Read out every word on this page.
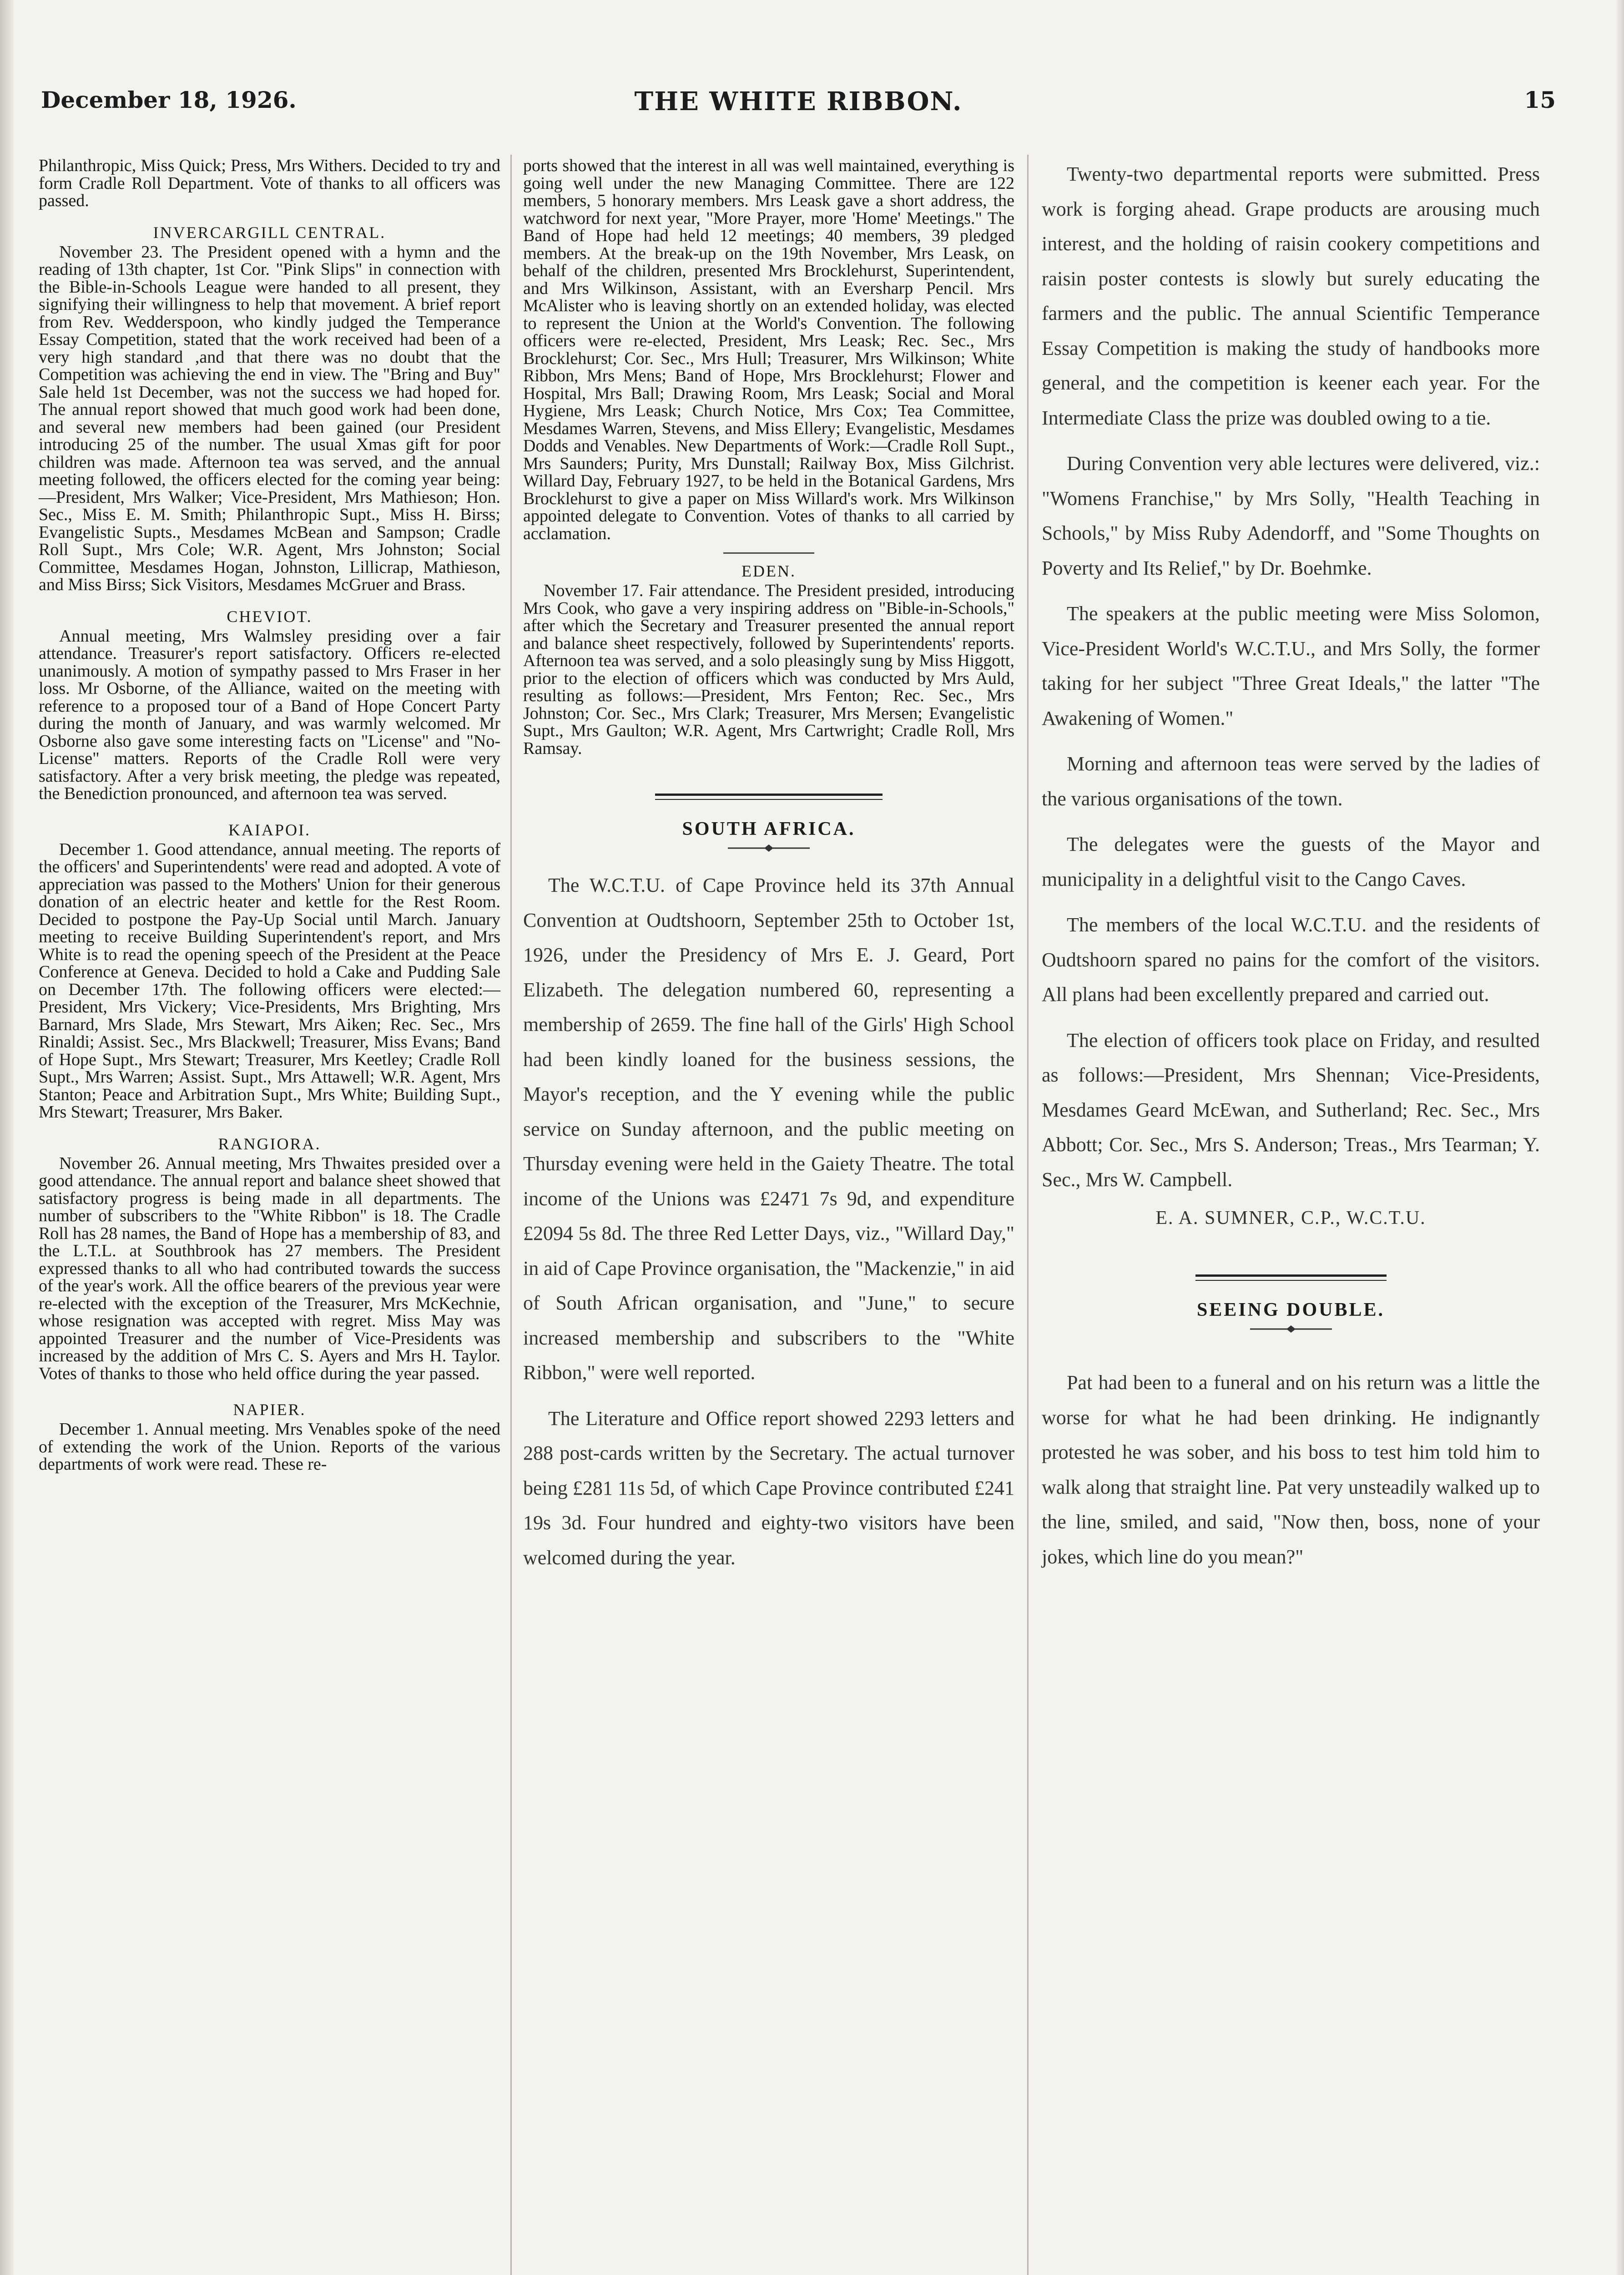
December 18, 1926.	THE WHITE RIBBON.	15
Philanthropic, Miss Quick; Press, Mrs Withers. Decided to try and form Cradle Roll Department. Vote of thanks to all officers was passed.
INVERCARGILL CENTRAL.
November 23. The President opened with a hymn and the reading of 13th chapter, 1st Cor. "Pink Slips" in connection with the Bible-in-Schools League were handed to all present, they signifying their willingness to help that movement. A brief report from Rev. Wedderspoon, who kindly judged the Temperance Essay Competition, stated that the work received had been of a very high standard ,and that there was no doubt that the Competition was achieving the end in view. The "Bring and Buy" Sale held 1st December, was not the success we had hoped for. The annual report showed that much good work had been done, and several new members had been gained (our President introducing 25 of the number. The usual Xmas gift for poor children was made. Afternoon tea was served, and the annual meeting followed, the officers elected for the coming year being:—President, Mrs Walker; Vice-President, Mrs Mathieson; Hon. Sec., Miss E. M. Smith; Philanthropic Supt., Miss H. Birss; Evangelistic Supts., Mesdames McBean and Sampson; Cradle Roll Supt., Mrs Cole; W.R. Agent, Mrs Johnston; Social Committee, Mesdames Hogan, Johnston, Lillicrap, Mathieson, and Miss Birss; Sick Visitors, Mesdames McGruer and Brass.
CHEVIOT.
Annual meeting, Mrs Walmsley presiding over a fair attendance. Treasurer's report satisfactory. Officers re-elected unanimously. A motion of sympathy passed to Mrs Fraser in her loss. Mr Osborne, of the Alliance, waited on the meeting with reference to a proposed tour of a Band of Hope Concert Party during the month of January, and was warmly welcomed. Mr Osborne also gave some interesting facts on "License" and "No-License" matters. Reports of the Cradle Roll were very satisfactory. After a very brisk meeting, the pledge was repeated, the Benediction pronounced, and afternoon tea was served.
KAIAPOI.
December 1. Good attendance, annual meeting. The reports of the officers' and Superintendents' were read and adopted. A vote of appreciation was passed to the Mothers' Union for their generous donation of an electric heater and kettle for the Rest Room. Decided to postpone the Pay-Up Social until March. January meeting to receive Building Superintendent's report, and Mrs White is to read the opening speech of the President at the Peace Conference at Geneva. Decided to hold a Cake and Pudding Sale on December 17th. The following officers were elected:—President, Mrs Vickery; Vice-Presidents, Mrs Brighting, Mrs Barnard, Mrs Slade, Mrs Stewart, Mrs Aiken; Rec. Sec., Mrs Rinaldi; Assist. Sec., Mrs Blackwell; Treasurer, Miss Evans; Band of Hope Supt., Mrs Stewart; Treasurer, Mrs Keetley; Cradle Roll Supt., Mrs Warren; Assist. Supt., Mrs Attawell; W.R. Agent, Mrs Stanton; Peace and Arbitration Supt., Mrs White; Building Supt., Mrs Stewart; Treasurer, Mrs Baker.
RANGIORA.
November 26. Annual meeting, Mrs Thwaites presided over a good attendance. The annual report and balance sheet showed that satisfactory progress is being made in all departments. The number of subscribers to the "White Ribbon" is 18. The Cradle Roll has 28 names, the Band of Hope has a membership of 83, and the L.T.L. at Southbrook has 27 members. The President expressed thanks to all who had contributed towards the success of the year's work. All the office bearers of the previous year were re-elected with the exception of the Treasurer, Mrs McKechnie, whose resignation was accepted with regret. Miss May was appointed Treasurer and the number of Vice-Presidents was increased by the addition of Mrs C. S. Ayers and Mrs H. Taylor. Votes of thanks to those who held office during the year passed.
NAPIER.
December 1. Annual meeting. Mrs Venables spoke of the need of extending the work of the Union. Reports of the various departments of work were read. These re-
ports showed that the interest in all was well maintained, everything is going well under the new Managing Committee. There are 122 members, 5 honorary members. Mrs Leask gave a short address, the watchword for next year, "More Prayer, more 'Home' Meetings." The Band of Hope had held 12 meetings; 40 members, 39 pledged members. At the break-up on the 19th November, Mrs Leask, on behalf of the children, presented Mrs Brocklehurst, Superintendent, and Mrs Wilkinson, Assistant, with an Eversharp Pencil. Mrs McAlister who is leaving shortly on an extended holiday, was elected to represent the Union at the World's Convention. The following officers were re-elected, President, Mrs Leask; Rec. Sec., Mrs Brocklehurst; Cor. Sec., Mrs Hull; Treasurer, Mrs Wilkinson; White Ribbon, Mrs Mens; Band of Hope, Mrs Brocklehurst; Flower and Hospital, Mrs Ball; Drawing Room, Mrs Leask; Social and Moral Hygiene, Mrs Leask; Church Notice, Mrs Cox; Tea Committee, Mesdames Warren, Stevens, and Miss Ellery; Evangelistic, Mesdames Dodds and Venables. New Departments of Work:—Cradle Roll Supt., Mrs Saunders; Purity, Mrs Dunstall; Railway Box, Miss Gilchrist. Willard Day, February 1927, to be held in the Botanical Gardens, Mrs Brocklehurst to give a paper on Miss Willard's work. Mrs Wilkinson appointed delegate to Convention. Votes of thanks to all carried by acclamation.
EDEN.
November 17. Fair attendance. The President presided, introducing Mrs Cook, who gave a very inspiring address on "Bible-in-Schools," after which the Secretary and Treasurer presented the annual report and balance sheet respectively, followed by Superintendents' reports. Afternoon tea was served, and a solo pleasingly sung by Miss Higgott, prior to the election of officers which was conducted by Mrs Auld, resulting as follows:—President, Mrs Fenton; Rec. Sec., Mrs Johnston; Cor. Sec., Mrs Clark; Treasurer, Mrs Mersen; Evangelistic Supt., Mrs Gaulton; W.R. Agent, Mrs Cartwright; Cradle Roll, Mrs Ramsay.
SOUTH AFRICA.
The W.C.T.U. of Cape Province held its 37th Annual Convention at Oudtshoorn, September 25th to October 1st, 1926, under the Presidency of Mrs E. J. Geard, Port Elizabeth. The delegation numbered 60, representing a membership of 2659. The fine hall of the Girls' High School had been kindly loaned for the business sessions, the Mayor's reception, and the Y evening while the public service on Sunday afternoon, and the public meeting on Thursday evening were held in the Gaiety Theatre. The total income of the Unions was £2471 7s 9d, and expenditure £2094 5s 8d. The three Red Letter Days, viz., "Willard Day," in aid of Cape Province organisation, the "Mackenzie," in aid of South African organisation, and "June," to secure increased membership and subscribers to the "White Ribbon," were well reported.
The Literature and Office report showed 2293 letters and 288 post-cards written by the Secretary. The actual turnover being £281 11s 5d, of which Cape Province contributed £241 19s 3d. Four hundred and eighty-two visitors have been welcomed during the year.
Twenty-two departmental reports were submitted. Press work is forging ahead. Grape products are arousing much interest, and the holding of raisin cookery competitions and raisin poster contests is slowly but surely educating the farmers and the public. The annual Scientific Temperance Essay Competition is making the study of handbooks more general, and the competition is keener each year. For the Intermediate Class the prize was doubled owing to a tie.
During Convention very able lectures were delivered, viz.: "Womens Franchise," by Mrs Solly, "Health Teaching in Schools," by Miss Ruby Adendorff, and "Some Thoughts on Poverty and Its Relief," by Dr. Boehmke.
The speakers at the public meeting were Miss Solomon, Vice-President World's W.C.T.U., and Mrs Solly, the former taking for her subject "Three Great Ideals," the latter "The Awakening of Women."
Morning and afternoon teas were served by the ladies of the various organisations of the town.
The delegates were the guests of the Mayor and municipality in a delightful visit to the Cango Caves.
The members of the local W.C.T.U. and the residents of Oudtshoorn spared no pains for the comfort of the visitors. All plans had been excellently prepared and carried out.
The election of officers took place on Friday, and resulted as follows:—President, Mrs Shennan; Vice-Presidents, Mesdames Geard McEwan, and Sutherland; Rec. Sec., Mrs Abbott; Cor. Sec., Mrs S. Anderson; Treas., Mrs Tearman; Y. Sec., Mrs W. Campbell.
E. A. SUMNER, C.P., W.C.T.U.
SEEING DOUBLE.
Pat had been to a funeral and on his return was a little the worse for what he had been drinking. He indignantly protested he was sober, and his boss to test him told him to walk along that straight line. Pat very unsteadily walked up to the line, smiled, and said, "Now then, boss, none of your jokes, which line do you mean?"
